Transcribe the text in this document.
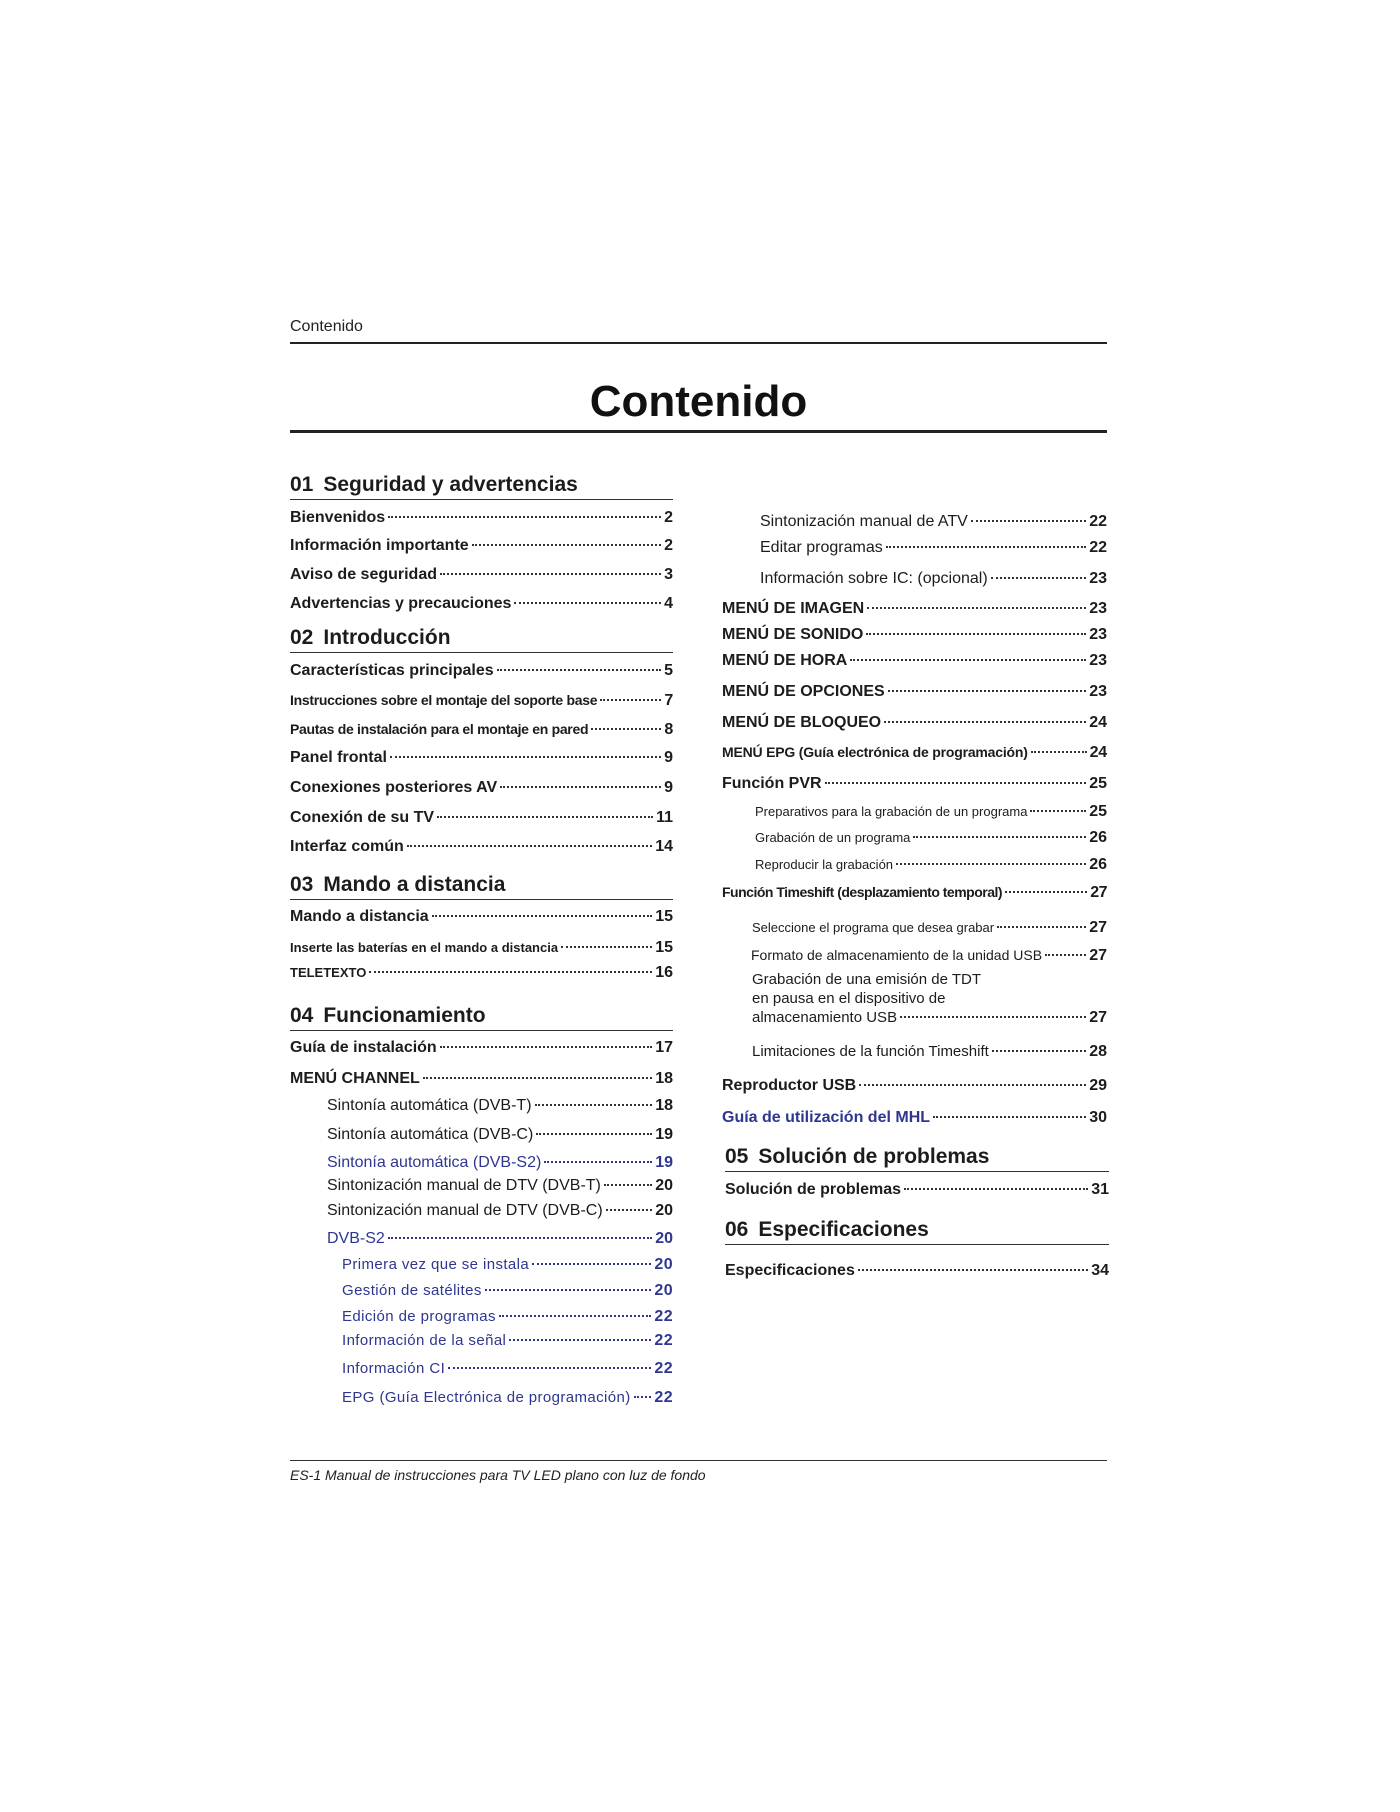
Contenido
Contenido
01 Seguridad y advertencias
Bienvenidos	2
Información importante	2
Aviso de seguridad	3
Advertencias y precauciones	4
02 Introducción
Características principales	5
Instrucciones sobre el montaje del soporte base	7
Pautas de instalación para el montaje en pared	8
Panel frontal	9
Conexiones posteriores AV	9
Conexión de su TV	11
Interfaz común	14
03 Mando a distancia
Mando a distancia	15
Inserte las baterías en el mando a distancia	15
TELETEXTO	16
04 Funcionamiento
Guía de instalación	17
MENÚ CHANNEL	18
Sintonía automática (DVB-T)	18
Sintonía automática (DVB-C)	19
Sintonía automática (DVB-S2)	19
Sintonización manual de DTV (DVB-T)	20
Sintonización manual de DTV (DVB-C)	20
DVB-S2	20
Primera vez que se instala	20
Gestión de satélites	20
Edición de programas	22
Información de la señal	22
Información CI	22
EPG (Guía Electrónica de programación) 22
Sintonización manual de ATV	22
Editar programas	22
Información sobre IC: (opcional)	23
MENÚ DE IMAGEN	23
MENÚ DE SONIDO	23
MENÚ DE HORA	23
MENÚ DE OPCIONES	23
MENÚ DE BLOQUEO	24
MENÚ EPG (Guía electrónica de programación)	24
Función PVR	25
Preparativos para la grabación de un programa	25
Grabación de un programa	26
Reproducir la grabación	26
Función Timeshift (desplazamiento temporal)	27
Seleccione el programa que desea grabar	27
Formato de almacenamiento de la unidad USB	27
Grabación de una emisión de TDT
en pausa en el dispositivo de
almacenamiento USB	27
Limitaciones de la función Timeshift	28
Reproductor USB	29
Guía de utilización del MHL	30
05 Solución de problemas
Solución de problemas	31
06 Especificaciones
Especificaciones	34
ES-1 Manual de instrucciones para TV LED plano con luz de fondo
